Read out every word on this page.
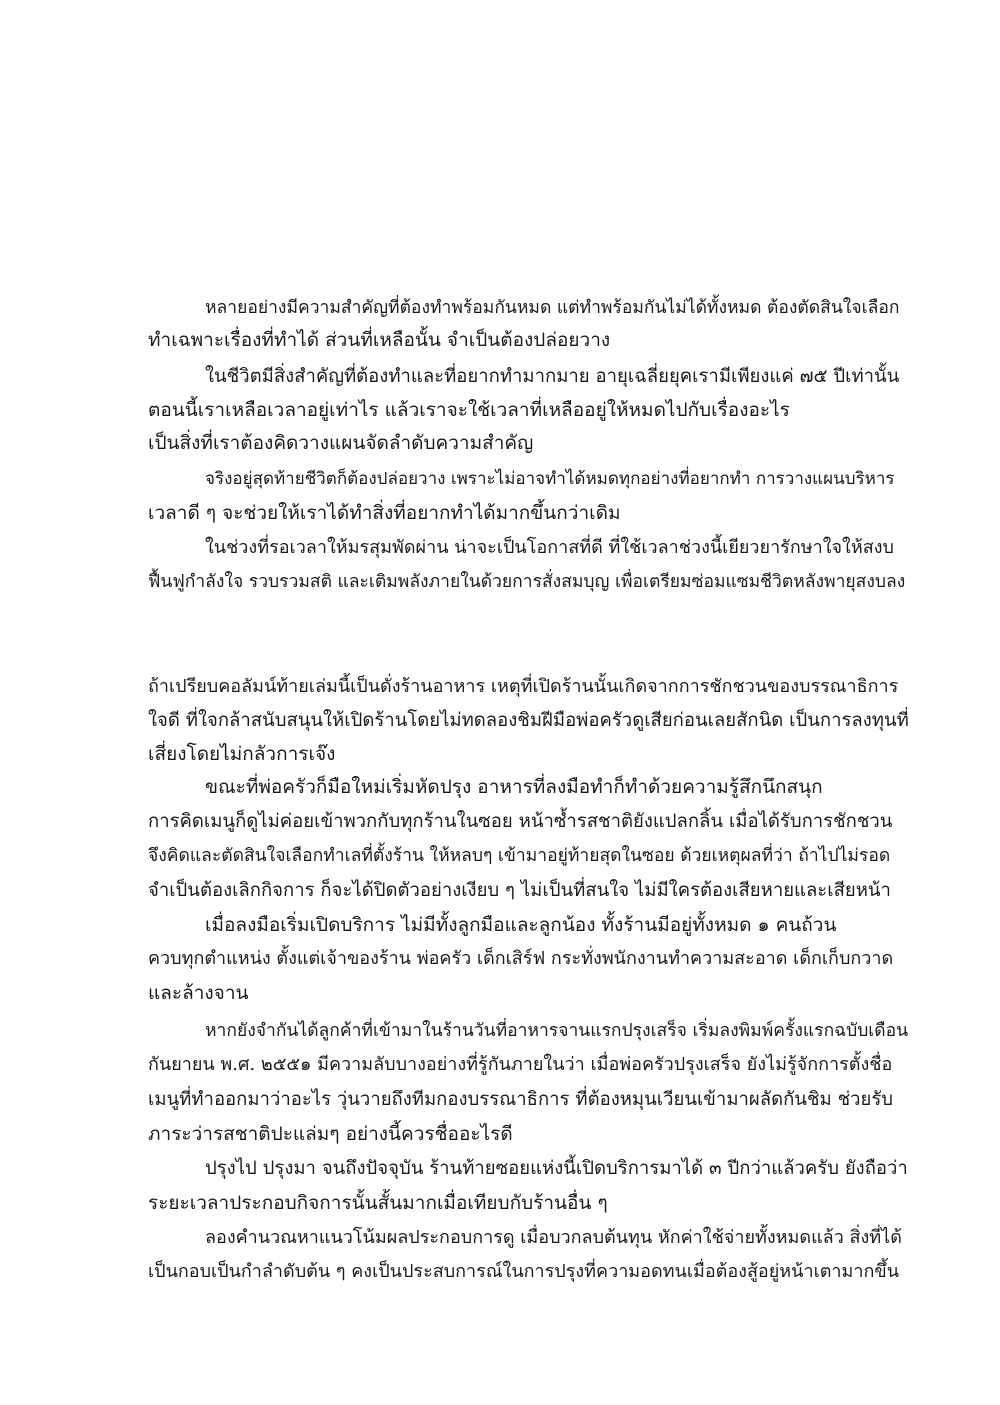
หลายอย่างมีความสำคัญที่ต้องทำพร้อมกันหมด แต่ทำพร้อมกันไม่ได้ทั้งหมด ต้องตัดสินใจเลือก

ทำเฉพาะเรื่องที่ทำได้ ส่วนที่เหลือนั้น จำเป็นต้องปล่อยวาง

ในชีวิตมีสิ่งสำคัญที่ต้องทำและที่อยากทำมากมาย อายุเฉลี่ยยุคเรามีเพียงแค่ ๗๕ ปีเท่านั้น

ตอนนี้เราเหลือเวลาอยู่เท่าไร แล้วเราจะใช้เวลาที่เหลืออยู่ให้หมดไปกับเรื่องอะไร

เป็นสิ่งที่เราต้องคิดวางแผนจัดลำดับความสำคัญ

จริงอยู่สุดท้ายชีวิตก็ต้องปล่อยวาง เพราะไม่อาจทำได้หมดทุกอย่างที่อยากทำ การวางแผนบริหาร

เวลาดี ๆ จะช่วยให้เราได้ทำสิ่งที่อยากทำได้มากขึ้นกว่าเดิม

ในช่วงที่รอเวลาให้มรสุมพัดผ่าน น่าจะเป็นโอกาสที่ดี ที่ใช้เวลาช่วงนี้เยียวยารักษาใจให้สงบ

ฟื้นฟูกำลังใจ รวบรวมสติ และเติมพลังภายในด้วยการสั่งสมบุญ เพื่อเตรียมซ่อมแซมชีวิตหลังพายุสงบลง

ถ้าเปรียบคอลัมน์ท้ายเล่มนี้เป็นดั่งร้านอาหาร เหตุที่เปิดร้านนั้นเกิดจากการชักชวนของบรรณาธิการ

ใจดี ที่ใจกล้าสนับสนุนให้เปิดร้านโดยไม่ทดลองชิมฝีมือพ่อครัวดูเสียก่อนเลยสักนิด เป็นการลงทุนที่

เสี่ยงโดยไม่กลัวการเจ๊ง

ขณะที่พ่อครัวก็มือใหม่เริ่มหัดปรุง อาหารที่ลงมือทำก็ทำด้วยความรู้สึกนึกสนุก

การคิดเมนูก็ดูไม่ค่อยเข้าพวกกับทุกร้านในซอย หน้าซ้ำรสชาติยังแปลกลิ้น เมื่อได้รับการชักชวน

จึงคิดและตัดสินใจเลือกทำเลที่ตั้งร้าน ให้หลบๆ เข้ามาอยู่ท้ายสุดในซอย ด้วยเหตุผลที่ว่า ถ้าไปไม่รอด

จำเป็นต้องเลิกกิจการ ก็จะได้ปิดตัวอย่างเงียบ ๆ ไม่เป็นที่สนใจ ไม่มีใครต้องเสียหายและเสียหน้า

เมื่อลงมือเริ่มเปิดบริการ ไม่มีทั้งลูกมือและลูกน้อง ทั้งร้านมีอยู่ทั้งหมด ๑ คนถ้วน

ควบทุกตำแหน่ง ตั้งแต่เจ้าของร้าน พ่อครัว เด็กเสิร์ฟ กระทั่งพนักงานทำความสะอาด เด็กเก็บกวาด

และล้างจาน

หากยังจำกันได้ลูกค้าที่เข้ามาในร้านวันที่อาหารจานแรกปรุงเสร็จ เริ่มลงพิมพ์ครั้งแรกฉบับเดือน

กันยายน พ.ศ. ๒๕๕๑ มีความลับบางอย่างที่รู้กันภายในว่า เมื่อพ่อครัวปรุงเสร็จ ยังไม่รู้จักการตั้งชื่อ

เมนูที่ทำออกมาว่าอะไร วุ่นวายถึงทีมกองบรรณาธิการ ที่ต้องหมุนเวียนเข้ามาผลัดกันชิม ช่วยรับ

ภาระว่ารสชาติปะแล่มๆ อย่างนี้ควรชื่ออะไรดี

ปรุงไป ปรุงมา จนถึงปัจจุบัน ร้านท้ายซอยแห่งนี้เปิดบริการมาได้ ๓ ปีกว่าแล้วครับ ยังถือว่า

ระยะเวลาประกอบกิจการนั้นสั้นมากเมื่อเทียบกับร้านอื่น ๆ

ลองคำนวณหาแนวโน้มผลประกอบการดู เมื่อบวกลบต้นทุน หักค่าใช้จ่ายทั้งหมดแล้ว สิ่งที่ได้

เป็นกอบเป็นกำลำดับต้น ๆ คงเป็นประสบการณ์ในการปรุงที่ความอดทนเมื่อต้องสู้อยู่หน้าเตามากขึ้น
